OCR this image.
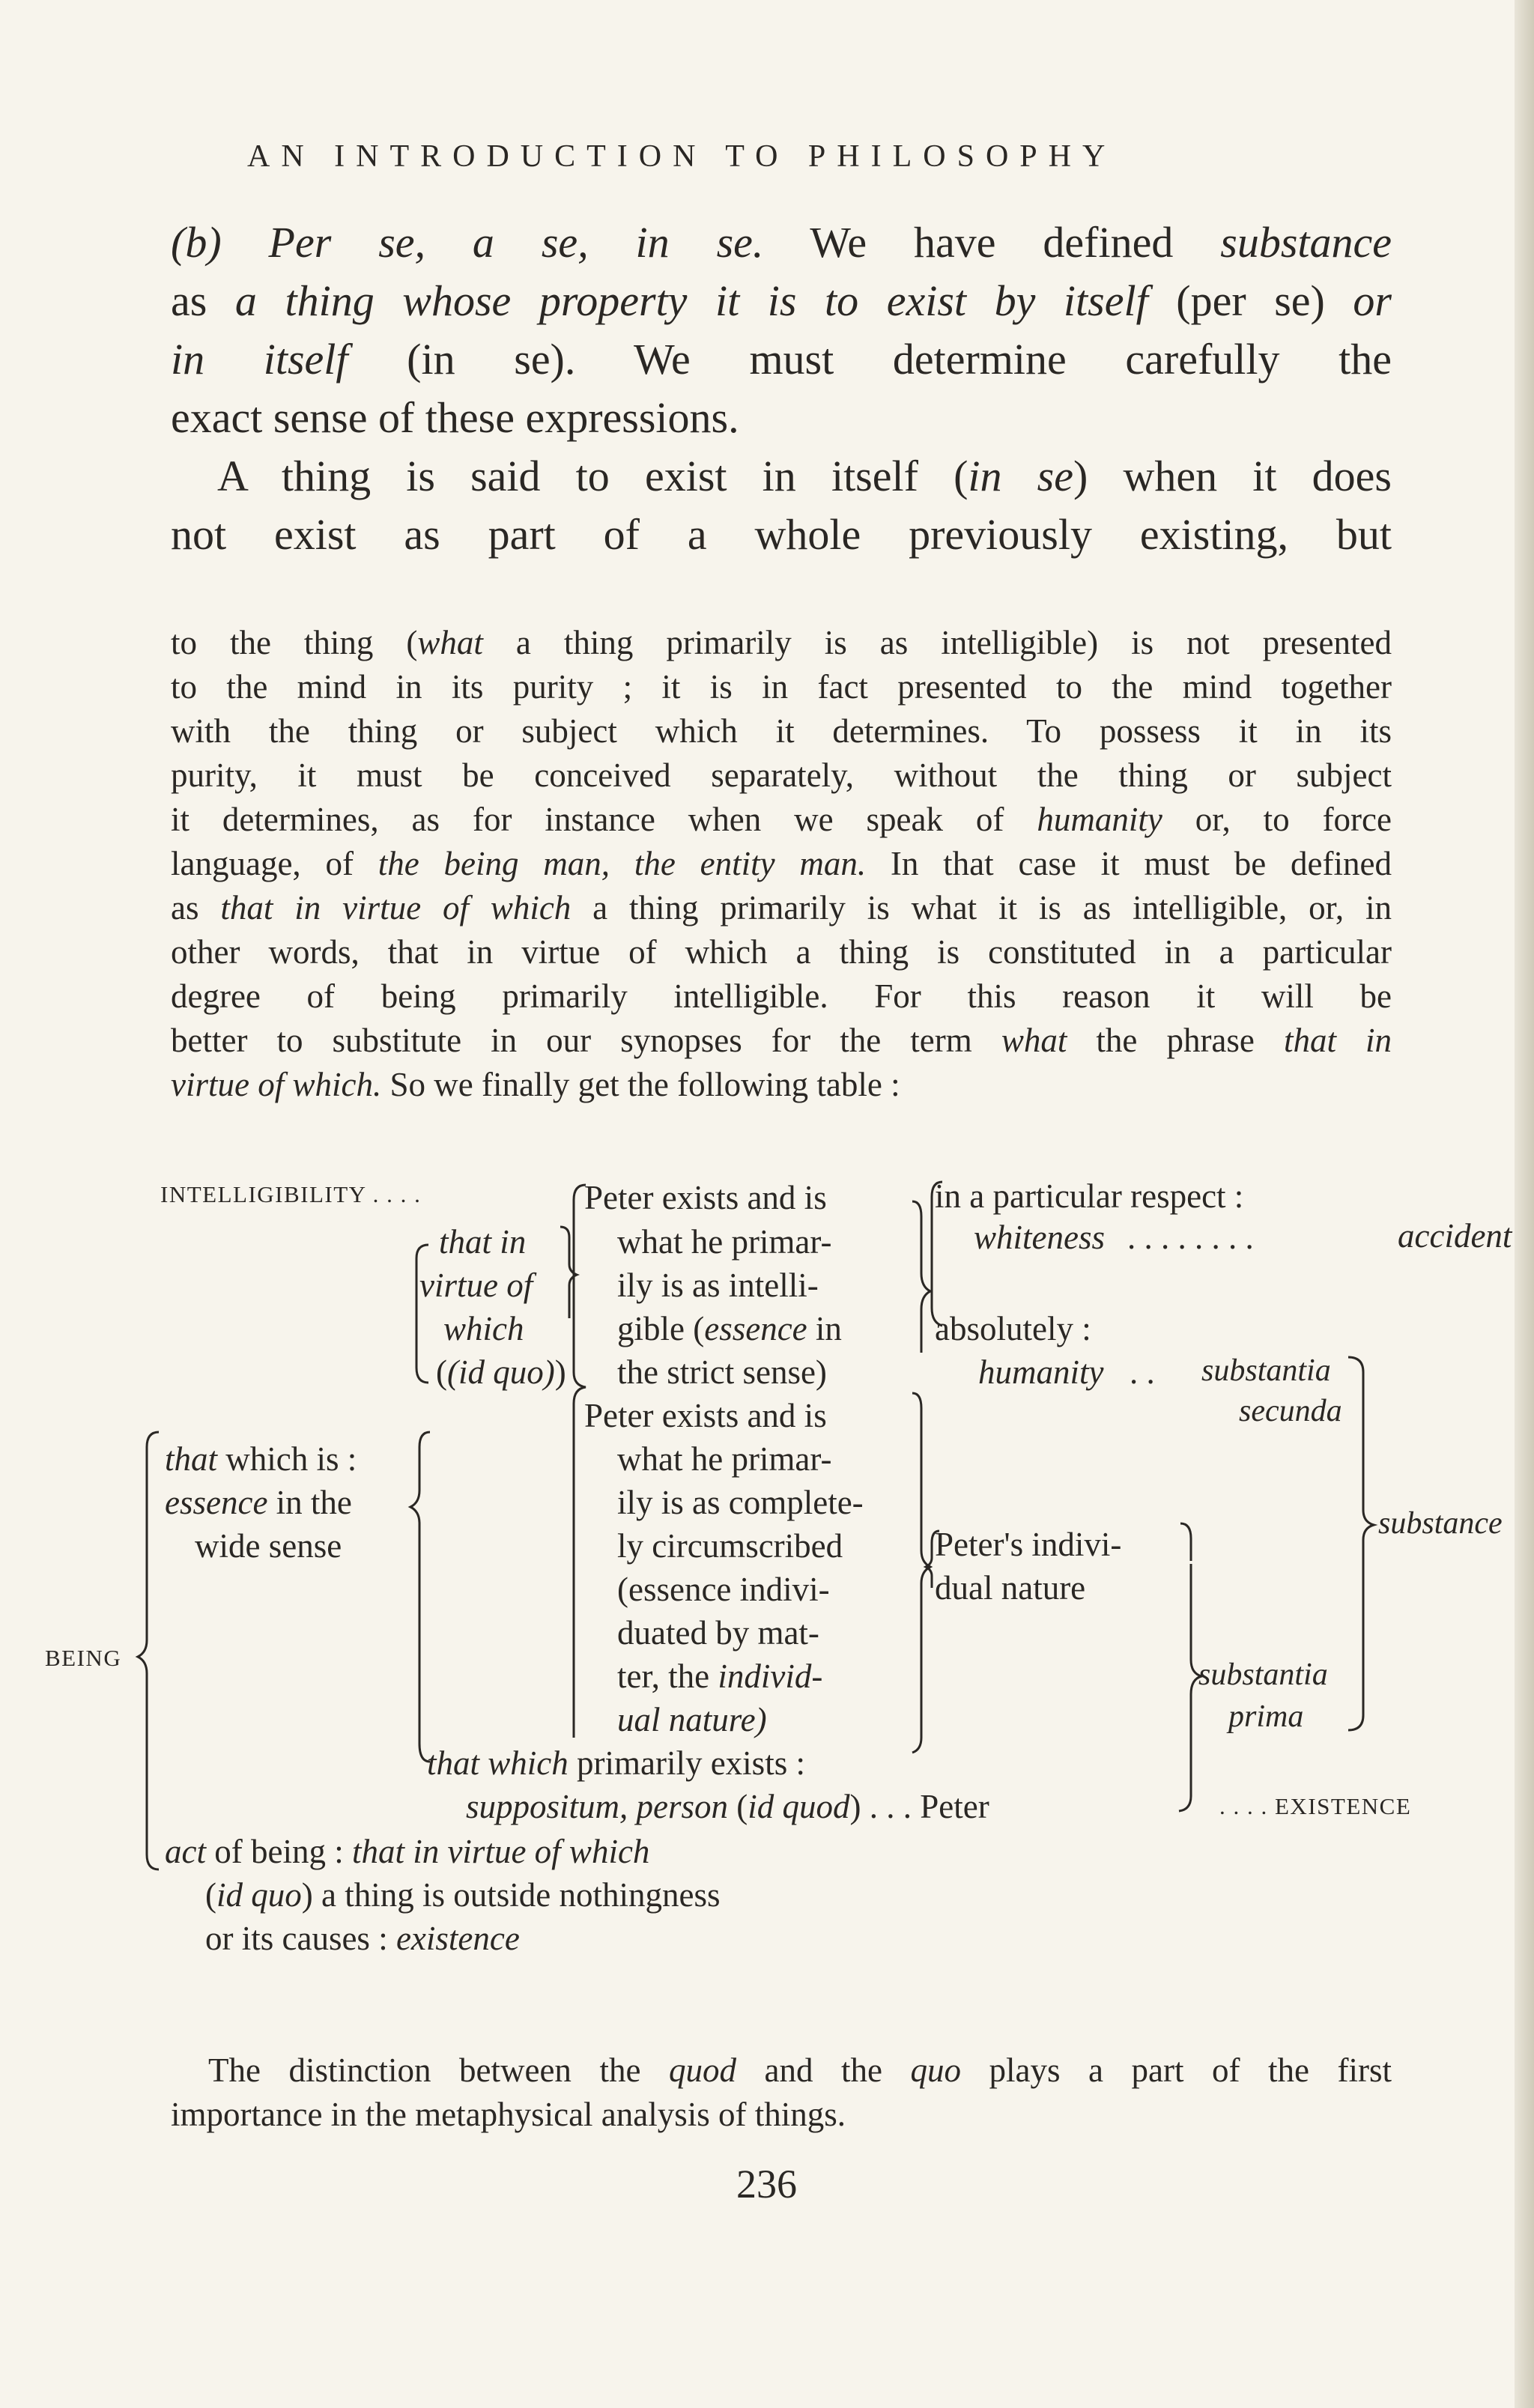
AN INTRODUCTION TO PHILOSOPHY
(b) Per se, a se, in se. We have defined substance
as a thing whose property it is to exist by itself (per se) or
in itself (in se). We must determine carefully the
exact sense of these expressions.
A thing is said to exist in itself (in se) when it does
not exist as part of a whole previously existing, but
to the thing (what a thing primarily is as intelligible) is not presented
to the mind in its purity ; it is in fact presented to the mind together
with the thing or subject which it determines. To possess it in its
purity, it must be conceived separately, without the thing or subject
it determines, as for instance when we speak of humanity or, to force
language, of the being man, the entity man. In that case it must be defined
as that in virtue of which a thing primarily is what it is as intelligible, or, in
other words, that in virtue of which a thing is constituted in a particular
degree of being primarily intelligible. For this reason it will be
better to substitute in our synopses for the term what the phrase that in
virtue of which. So we finally get the following table :
INTELLIGIBILITY . . . .
that in
virtue of
which
((id quo))
Peter exists and is
what he primar-
ily is as intelli-
gible (essence in
the strict sense)
in a particular respect :
whiteness . . . . . . . .	accident
absolutely :
humanity . . substantia
secunda
Peter exists and is
what he primar-
ily is as complete-
ly circumscribed
(essence indivi-
duated by mat-
ter, the individ-
ual nature)
that which is :
essence in the
wide sense
BEING
Peter's indivi-
dual nature
substance
substantia
prima
that which primarily exists :
suppositum, person (id quod) . . . Peter	. . . . EXISTENCE
act of being : that in virtue of which
(id quo) a thing is outside nothingness
or its causes : existence
The distinction between the quod and the quo plays a part of the first
importance in the metaphysical analysis of things.
236
